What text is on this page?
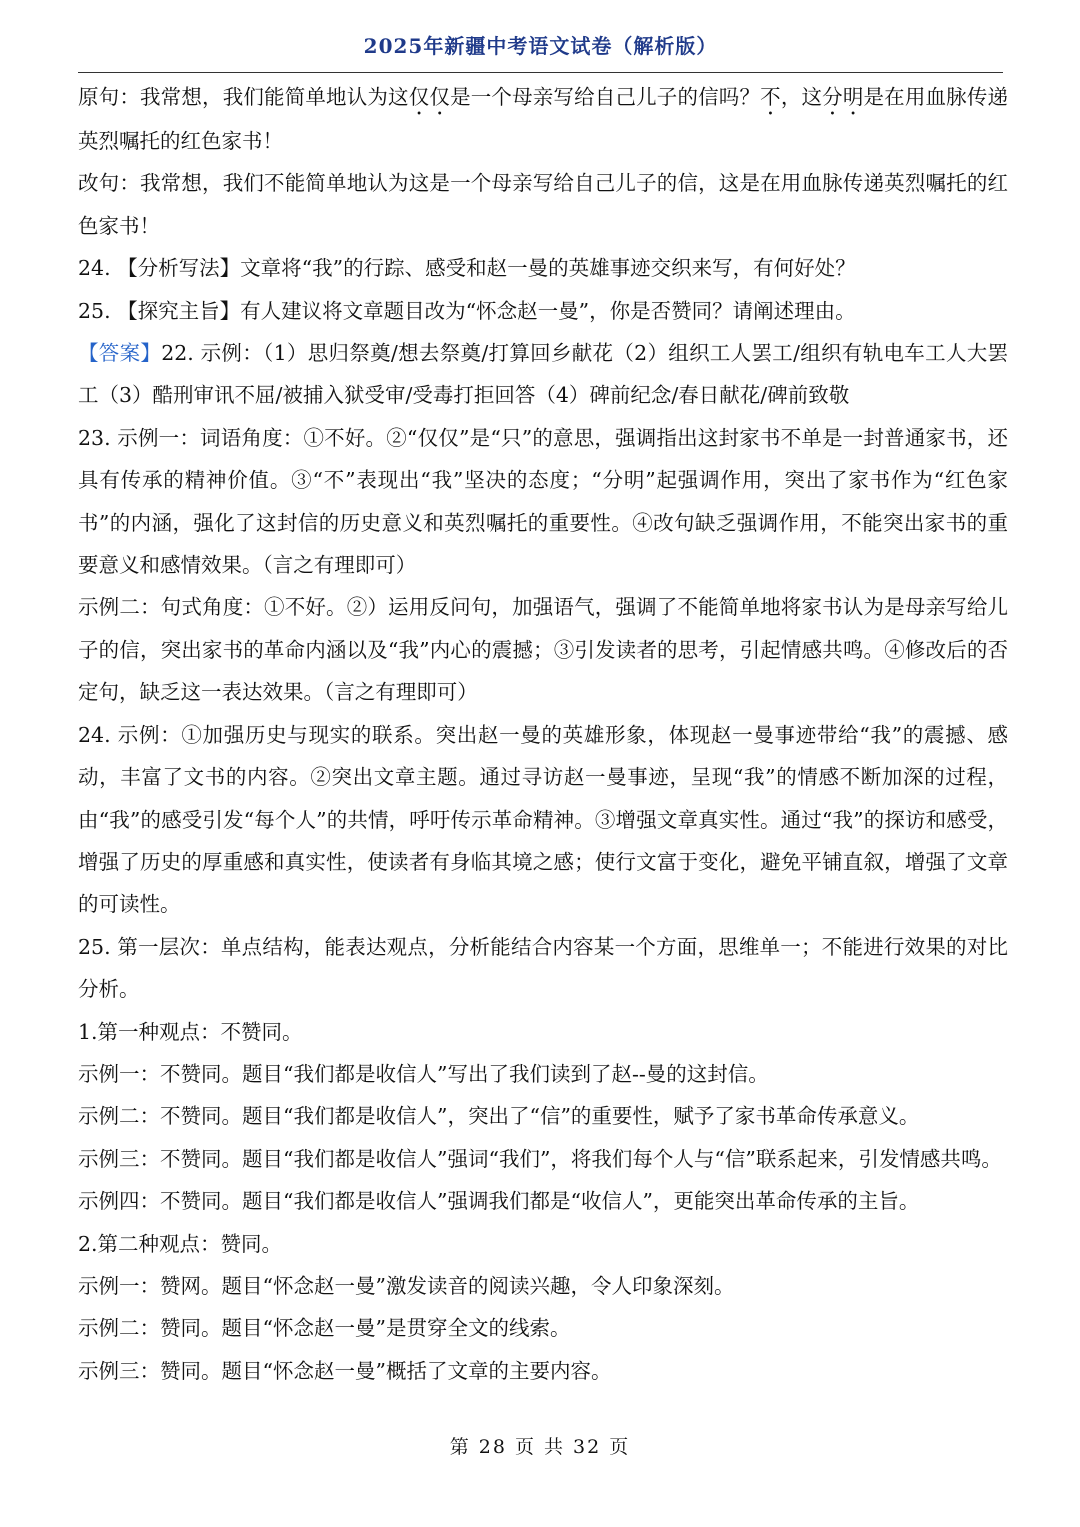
2025年新疆中考语文试卷（解析版）

原句：我常想，我们能简单地认为这仅仅是一个母亲写给自己儿子的信吗？不，这分明是在用血脉传递英烈嘱托的红色家书！

改句：我常想，我们不能简单地认为这是一个母亲写给自己儿子的信，这是在用血脉传递英烈嘱托的红色家书！

24. 【分析写法】文章将“我”的行踪、感受和赵一曼的英雄事迹交织来写，有何好处？

25. 【探究主旨】有人建议将文章题目改为“怀念赵一曼”，你是否赞同？请阐述理由。

【答案】22. 示例：（1）思归祭奠/想去祭奠/打算回乡献花（2）组织工人罢工/组织有轨电车工人大罢工（3）酷刑审讯不屈/被捕入狱受审/受毒打拒回答（4）碑前纪念/春日献花/碑前致敬

23. 示例一：词语角度：①不好。②“仅仅”是“只”的意思，强调指出这封家书不单是一封普通家书，还具有传承的精神价值。③“不”表现出“我”坚决的态度；“分明”起强调作用，突出了家书作为“红色家书”的内涵，强化了这封信的历史意义和英烈嘱托的重要性。④改句缺乏强调作用，不能突出家书的重要意义和感情效果。（言之有理即可）

示例二：句式角度：①不好。②）运用反问句，加强语气，强调了不能简单地将家书认为是母亲写给儿子的信，突出家书的革命内涵以及“我”内心的震撼；③引发读者的思考，引起情感共鸣。④修改后的否定句，缺乏这一表达效果。（言之有理即可）

24. 示例：①加强历史与现实的联系。突出赵一曼的英雄形象，体现赵一曼事迹带给“我”的震撼、感动，丰富了文书的内容。②突出文章主题。通过寻访赵一曼事迹，呈现“我”的情感不断加深的过程，由“我”的感受引发“每个人”的共情，呼吁传示革命精神。③增强文章真实性。通过“我”的探访和感受，增强了历史的厚重感和真实性，使读者有身临其境之感；使行文富于变化，避免平铺直叙，增强了文章的可读性。

25. 第一层次：单点结构，能表达观点，分析能结合内容某一个方面，思维单一；不能进行效果的对比分析。

1.第一种观点：不赞同。

示例一：不赞同。题目“我们都是收信人”写出了我们读到了赵--曼的这封信。

示例二：不赞同。题目“我们都是收信人”，突出了“信”的重要性，赋予了家书革命传承意义。

示例三：不赞同。题目“我们都是收信人”强词“我们”，将我们每个人与“信”联系起来，引发情感共鸣。

示例四：不赞同。题目“我们都是收信人”强调我们都是“收信人”，更能突出革命传承的主旨。

2.第二种观点：赞同。

示例一：赞网。题目“怀念赵一曼”激发读音的阅读兴趣，令人印象深刻。

示例二：赞同。题目“怀念赵一曼”是贯穿全文的线索。

示例三：赞同。题目“怀念赵一曼”概括了文章的主要内容。

第 28 页 共 32 页
